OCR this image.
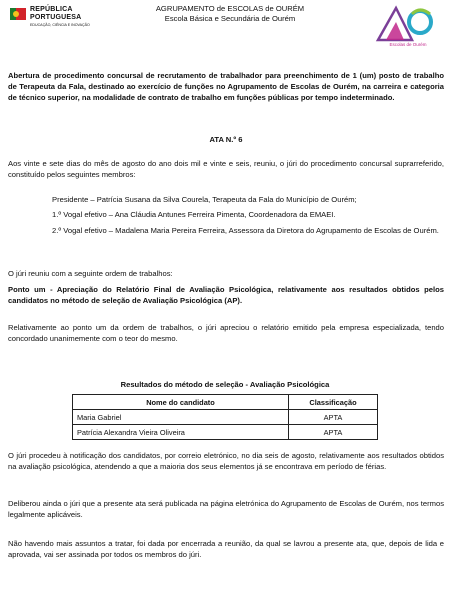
REPÚBLICA
PORTUGUESA
EDUCAÇÃO, CIÊNCIA E INOVAÇÃO
AGRUPAMENTO de ESCOLAS de OURÉM
Escola Básica e Secundária de Ourém
Escolas de Ourém

Abertura de procedimento concursal de recrutamento de trabalhador para preenchimento de 1 (um) posto de trabalho de Terapeuta da Fala, destinado ao exercício de funções no Agrupamento de Escolas de Ourém, na carreira e categoria de técnico superior, na modalidade de contrato de trabalho em funções públicas por tempo indeterminado.

ATA N.º 6

Aos vinte e sete dias do mês de agosto do ano dois mil e vinte e seis, reuniu, o júri do procedimento concursal suprarreferido, constituído pelos seguintes membros:

Presidente – Patrícia Susana da Silva Courela, Terapeuta da Fala do Município de Ourém;

1.º Vogal efetivo – Ana Cláudia Antunes Ferreira Pimenta, Coordenadora da EMAEI.

2.º Vogal efetivo – Madalena Maria Pereira Ferreira, Assessora da Diretora do Agrupamento de Escolas de Ourém.

O júri reuniu com a seguinte ordem de trabalhos:

Ponto um - Apreciação do Relatório Final de Avaliação Psicológica, relativamente aos resultados obtidos pelos candidatos no método de seleção de Avaliação Psicológica (AP).

Relativamente ao ponto um da ordem de trabalhos, o júri apreciou o relatório emitido pela empresa especializada, tendo concordado unanimemente com o teor do mesmo.

Resultados do método de seleção - Avaliação Psicológica
Nome do candidato	Classificação
Maria Gabriel	APTA
Patrícia Alexandra Vieira Oliveira	APTA

O júri procedeu à notificação dos candidatos, por correio eletrónico, no dia seis de agosto, relativamente aos resultados obtidos na avaliação psicológica, atendendo a que a maioria dos seus elementos já se encontrava em período de férias.

Deliberou ainda o júri que a presente ata será publicada na página eletrónica do Agrupamento de Escolas de Ourém, nos termos legalmente aplicáveis.

Não havendo mais assuntos a tratar, foi dada por encerrada a reunião, da qual se lavrou a presente ata, que, depois de lida e aprovada, vai ser assinada por todos os membros do júri.
